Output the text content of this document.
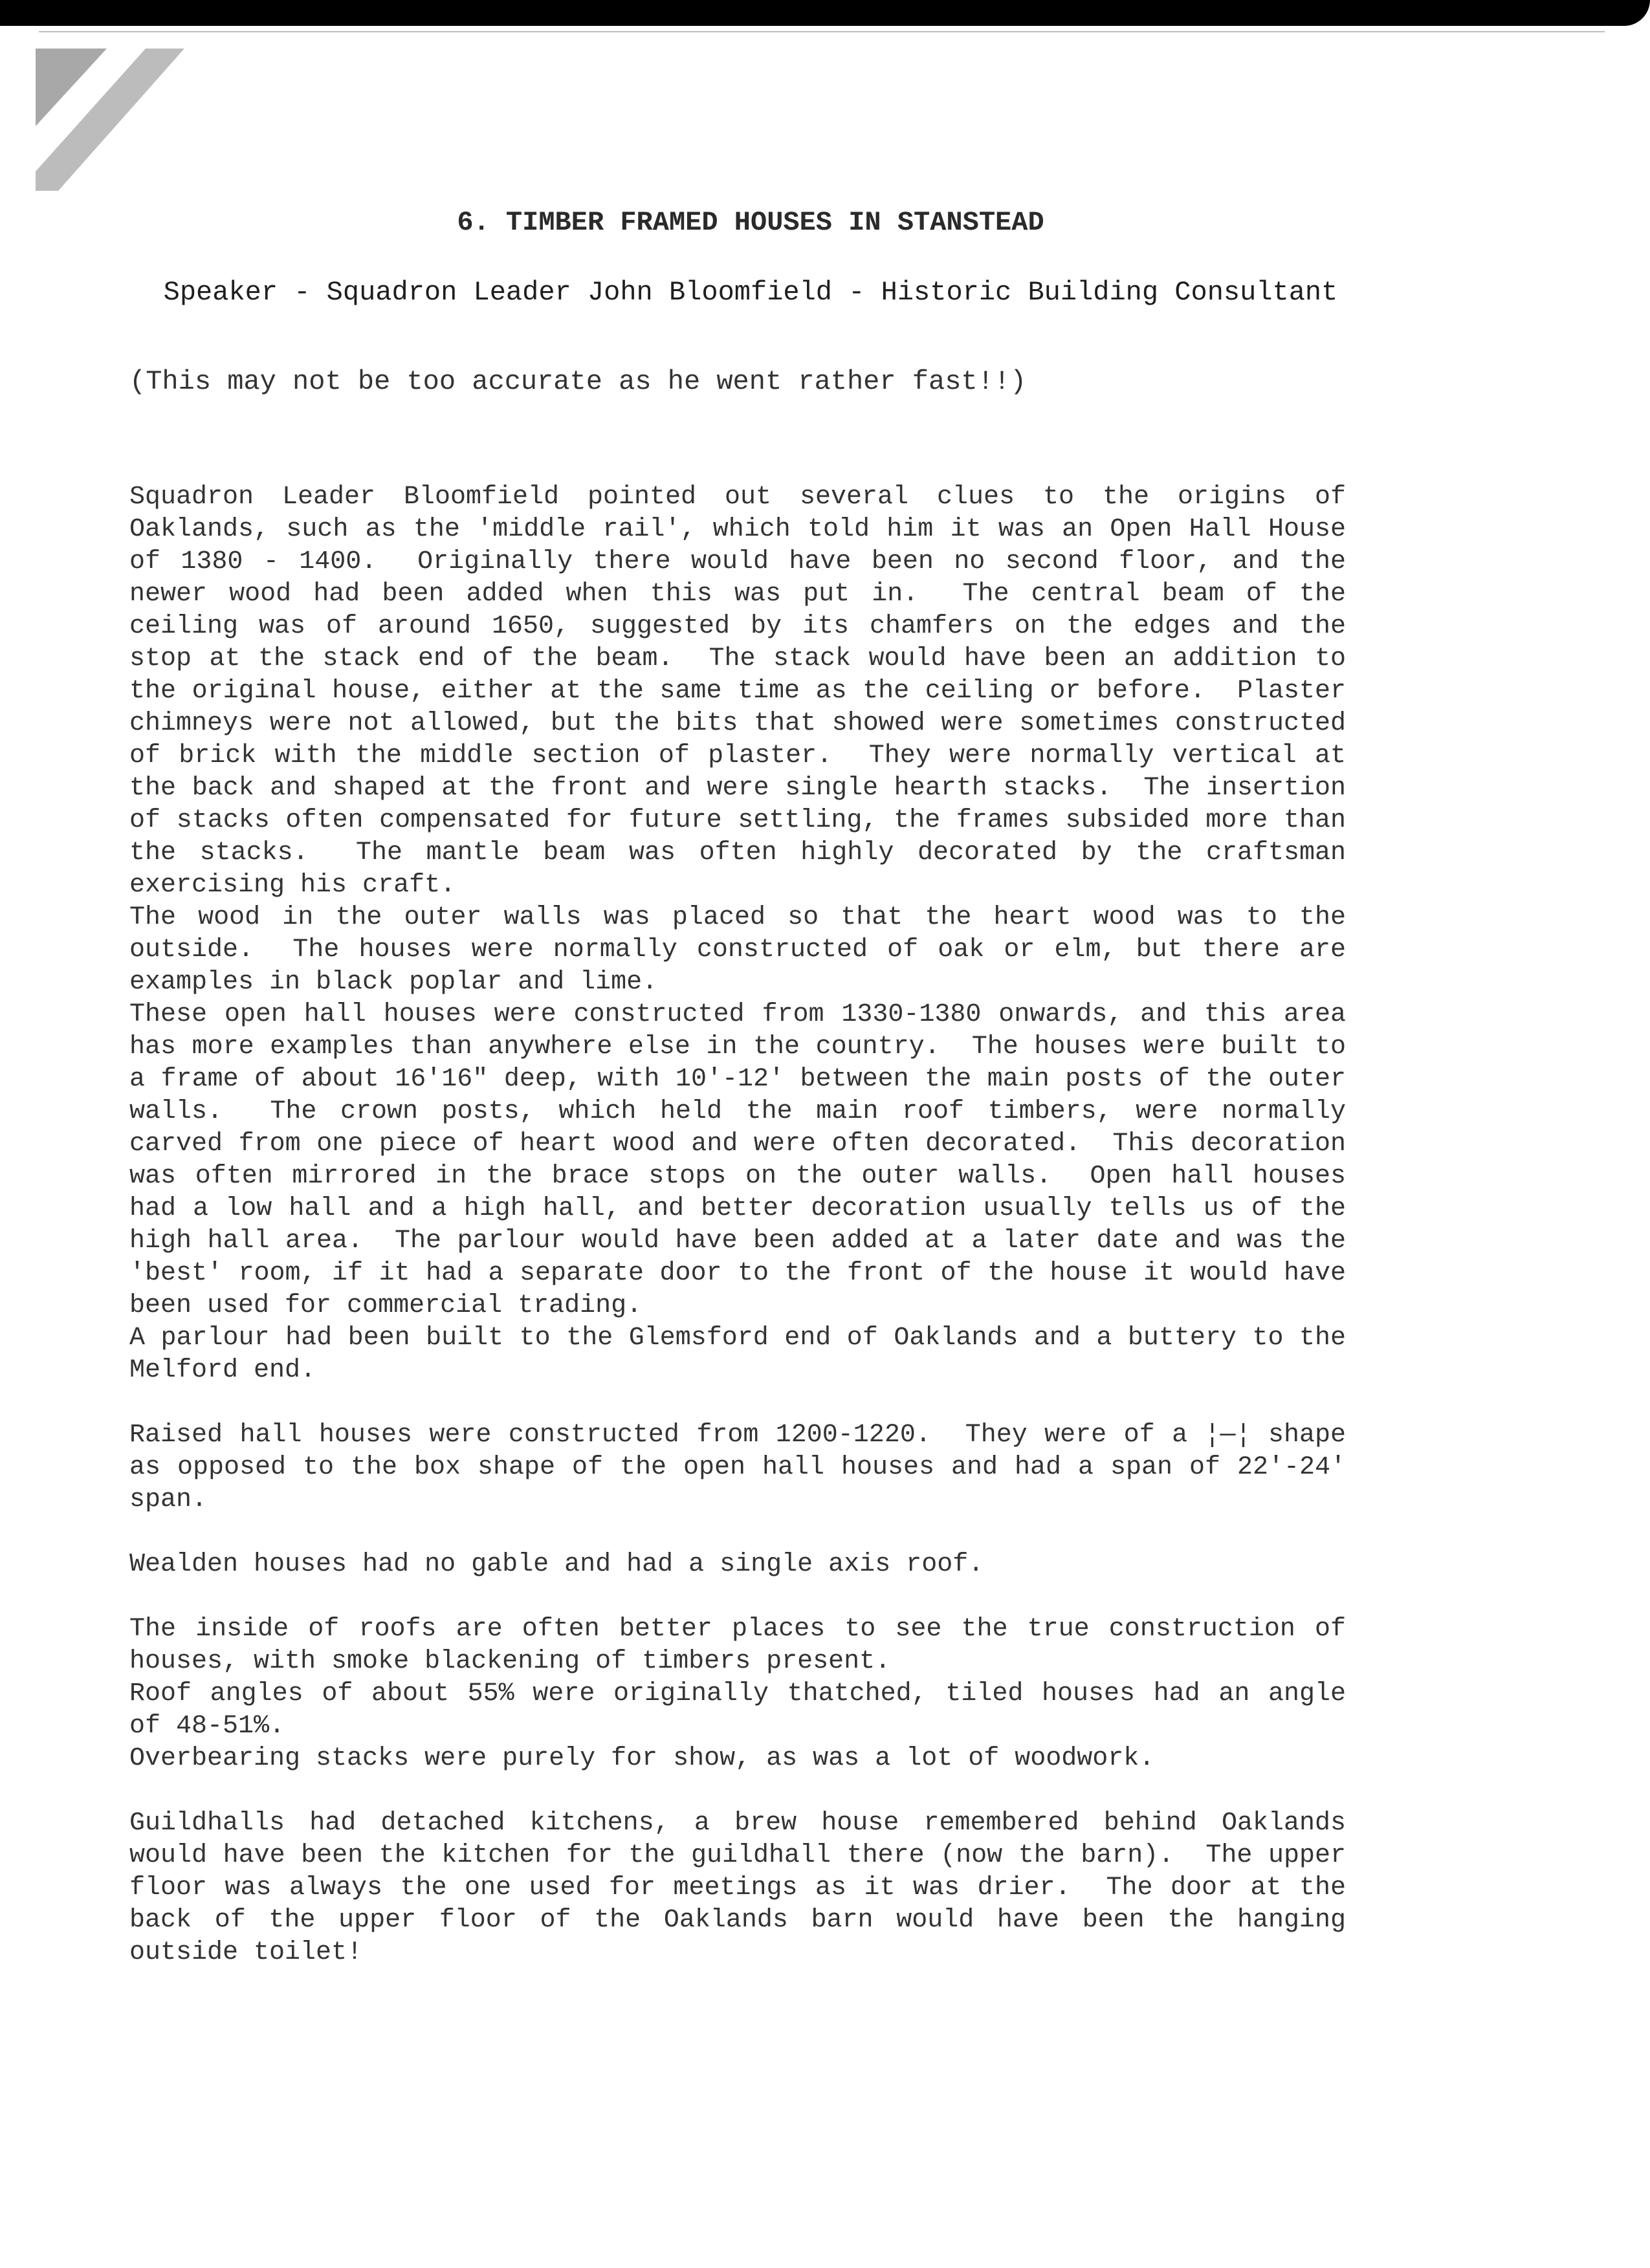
6. TIMBER FRAMED HOUSES IN STANSTEAD
Speaker - Squadron Leader John Bloomfield - Historic Building Consultant
(This may not be too accurate as he went rather fast!!)

Squadron Leader Bloomfield pointed out several clues to the origins of Oaklands, such as the 'middle rail', which told him it was an Open Hall House of 1380 - 1400.  Originally there would have been no second floor, and the newer wood had been added when this was put in.  The central beam of the ceiling was of around 1650, suggested by its chamfers on the edges and the stop at the stack end of the beam.  The stack would have been an addition to the original house, either at the same time as the ceiling or before.  Plaster chimneys were not allowed, but the bits that showed were sometimes constructed of brick with the middle section of plaster.  They were normally vertical at the back and shaped at the front and were single hearth stacks.  The insertion of stacks often compensated for future settling, the frames subsided more than the stacks.  The mantle beam was often highly decorated by the craftsman exercising his craft.

The wood in the outer walls was placed so that the heart wood was to the outside.  The houses were normally constructed of oak or elm, but there are examples in black poplar and lime.

These open hall houses were constructed from 1330-1380 onwards, and this area has more examples than anywhere else in the country.  The houses were built to a frame of about 16'16" deep, with 10'-12' between the main posts of the outer walls.  The crown posts, which held the main roof timbers, were normally carved from one piece of heart wood and were often decorated.  This decoration was often mirrored in the brace stops on the outer walls.  Open hall houses had a low hall and a high hall, and better decoration usually tells us of the high hall area.  The parlour would have been added at a later date and was the 'best' room, if it had a separate door to the front of the house it would have been used for commercial trading.

A parlour had been built to the Glemsford end of Oaklands and a buttery to the Melford end.

Raised hall houses were constructed from 1200-1220.  They were of a ¦—¦ shape as opposed to the box shape of the open hall houses and had a span of 22'-24' span.

Wealden houses had no gable and had a single axis roof.

The inside of roofs are often better places to see the true construction of houses, with smoke blackening of timbers present.

Roof angles of about 55% were originally thatched, tiled houses had an angle of 48-51%.

Overbearing stacks were purely for show, as was a lot of woodwork.

Guildhalls had detached kitchens, a brew house remembered behind Oaklands would have been the kitchen for the guildhall there (now the barn).  The upper floor was always the one used for meetings as it was drier.  The door at the back of the upper floor of the Oaklands barn would have been the hanging outside toilet!
